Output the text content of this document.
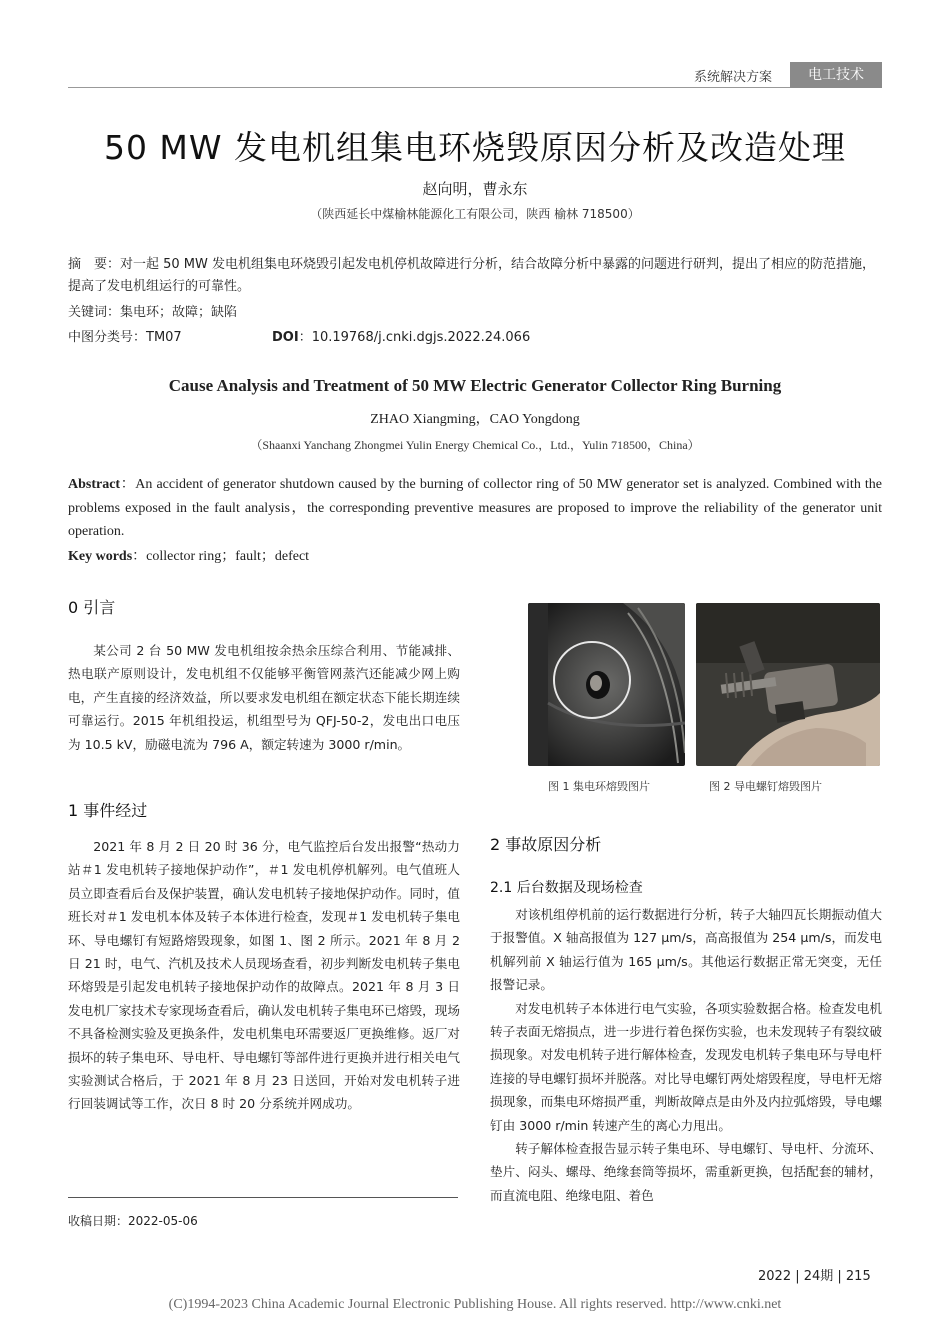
系统解决方案	电工技术
50 MW 发电机组集电环烧毁原因分析及改造处理
赵向明，曹永东
（陕西延长中煤榆林能源化工有限公司，陕西 榆林 718500）
摘　要：对一起 50 MW 发电机组集电环烧毁引起发电机停机故障进行分析，结合故障分析中暴露的问题进行研判，提出了相应的防范措施，提高了发电机组运行的可靠性。
关键词：集电环；故障；缺陷
中图分类号：TM07	DOI：10.19768/j.cnki.dgjs.2022.24.066
Cause Analysis and Treatment of 50 MW Electric Generator Collector Ring Burning
ZHAO Xiangming，CAO Yongdong
（Shaanxi Yanchang Zhongmei Yulin Energy Chemical Co.，Ltd.，Yulin 718500，China）
Abstract：An accident of generator shutdown caused by the burning of collector ring of 50 MW generator set is analyzed. Combined with the problems exposed in the fault analysis，the corresponding preventive measures are proposed to improve the reliability of the generator unit operation.
Key words：collector ring；fault；defect
0 引言

某公司 2 台 50 MW 发电机组按余热余压综合利用、节能减排、热电联产原则设计，发电机组不仅能够平衡管网蒸汽还能减少网上购电，产生直接的经济效益，所以要求发电机组在额定状态下能长期连续可靠运行。2015 年机组投运，机组型号为 QFJ-50-2，发电出口电压为 10.5 kV，励磁电流为 796 A，额定转速为 3000 r/min。

1 事件经过

2021 年 8 月 2 日 20 时 36 分，电气监控后台发出报警“热动力站＃1 发电机转子接地保护动作”，＃1 发电机停机解列。电气值班人员立即查看后台及保护装置，确认发电机转子接地保护动作。同时，值班长对＃1 发电机本体及转子本体进行检查，发现＃1 发电机转子集电环、导电螺钉有短路熔毁现象，如图 1、图 2 所示。2021 年 8 月 2 日 21 时，电气、汽机及技术人员现场查看，初步判断发电机转子集电环熔毁是引起发电机转子接地保护动作的故障点。2021 年 8 月 3 日发电机厂家技术专家现场查看后，确认发电机转子集电环已熔毁，现场不具备检测实验及更换条件，发电机集电环需要返厂更换维修。返厂对损坏的转子集电环、导电杆、导电螺钉等部件进行更换并进行相关电气实验测试合格后，于 2021 年 8 月 23 日送回，开始对发电机转子进行回装调试等工作，次日 8 时 20 分系统并网成功。

收稿日期：2022-05-06
图 1 集电环熔毁图片	图 2 导电螺钉熔毁图片
2 事故原因分析
2.1 后台数据及现场检查

对该机组停机前的运行数据进行分析，转子大轴四瓦长期振动值大于报警值。X 轴高报值为 127 μm/s，高高报值为 254 μm/s，而发电机解列前 X 轴运行值为 165 μm/s。其他运行数据正常无突变，无任报警记录。

对发电机转子本体进行电气实验，各项实验数据合格。检查发电机转子表面无熔损点，进一步进行着色探伤实验，也未发现转子有裂纹破损现象。对发电机转子进行解体检查，发现发电机转子集电环与导电杆连接的导电螺钉损坏并脱落。对比导电螺钉两处熔毁程度，导电杆无熔损现象，而集电环熔损严重，判断故障点是由外及内拉弧熔毁，导电螺钉由 3000 r/min 转速产生的离心力甩出。

转子解体检查报告显示转子集电环、导电螺钉、导电杆、分流环、垫片、闷头、螺母、绝缘套筒等损坏，需重新更换，包括配套的辅材，而直流电阻、绝缘电阻、着色

2022 | 24期 | 215
(C)1994-2023 China Academic Journal Electronic Publishing House. All rights reserved. http://www.cnki.net
